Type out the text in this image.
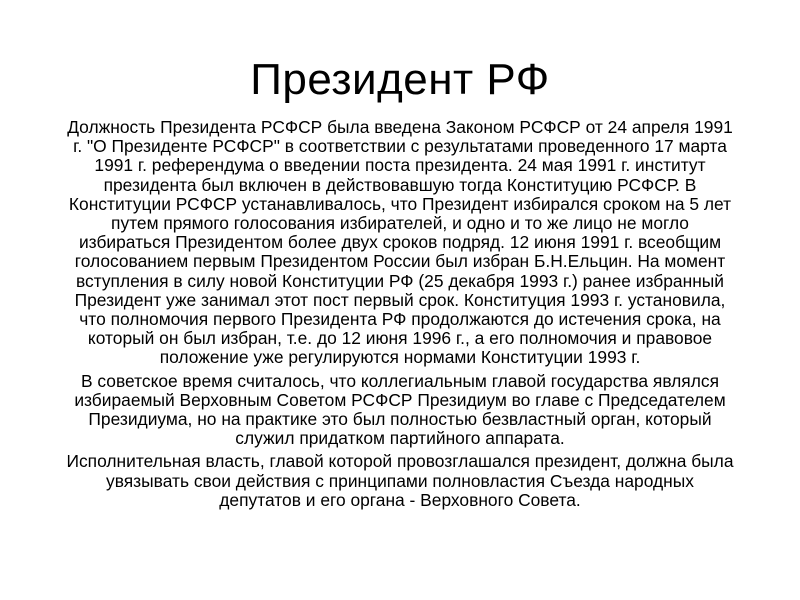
Президент РФ

Должность Президента РСФСР была введена Законом РСФСР от 24 апреля 1991 г. "О Президенте РСФСР" в соответствии с результатами проведенного 17 марта 1991 г. референдума о введении поста президента. 24 мая 1991 г. институт президента был включен в действовавшую тогда Конституцию РСФСР. В Конституции РСФСР устанавливалось, что Президент избирался сроком на 5 лет путем прямого голосования избирателей, и одно и то же лицо не могло избираться Президентом более двух сроков подряд. 12 июня 1991 г. всеобщим голосованием первым Президентом России был избран Б.Н.Ельцин. На момент вступления в силу новой Конституции РФ (25 декабря 1993 г.) ранее избранный Президент уже занимал этот пост первый срок. Конституция 1993 г. установила, что полномочия первого Президента РФ продолжаются до истечения срока, на который он был избран, т.е. до 12 июня 1996 г., а его полномочия и правовое положение уже регулируются нормами Конституции 1993 г.

В советское время считалось, что коллегиальным главой государства являлся избираемый Верховным Советом РСФСР Президиум во главе с Председателем Президиума, но на практике это был полностью безвластный орган, который служил придатком партийного аппарата.

Исполнительная власть, главой которой провозглашался президент, должна была увязывать свои действия с принципами полновластия Съезда народных депутатов и его органа - Верховного Совета.
